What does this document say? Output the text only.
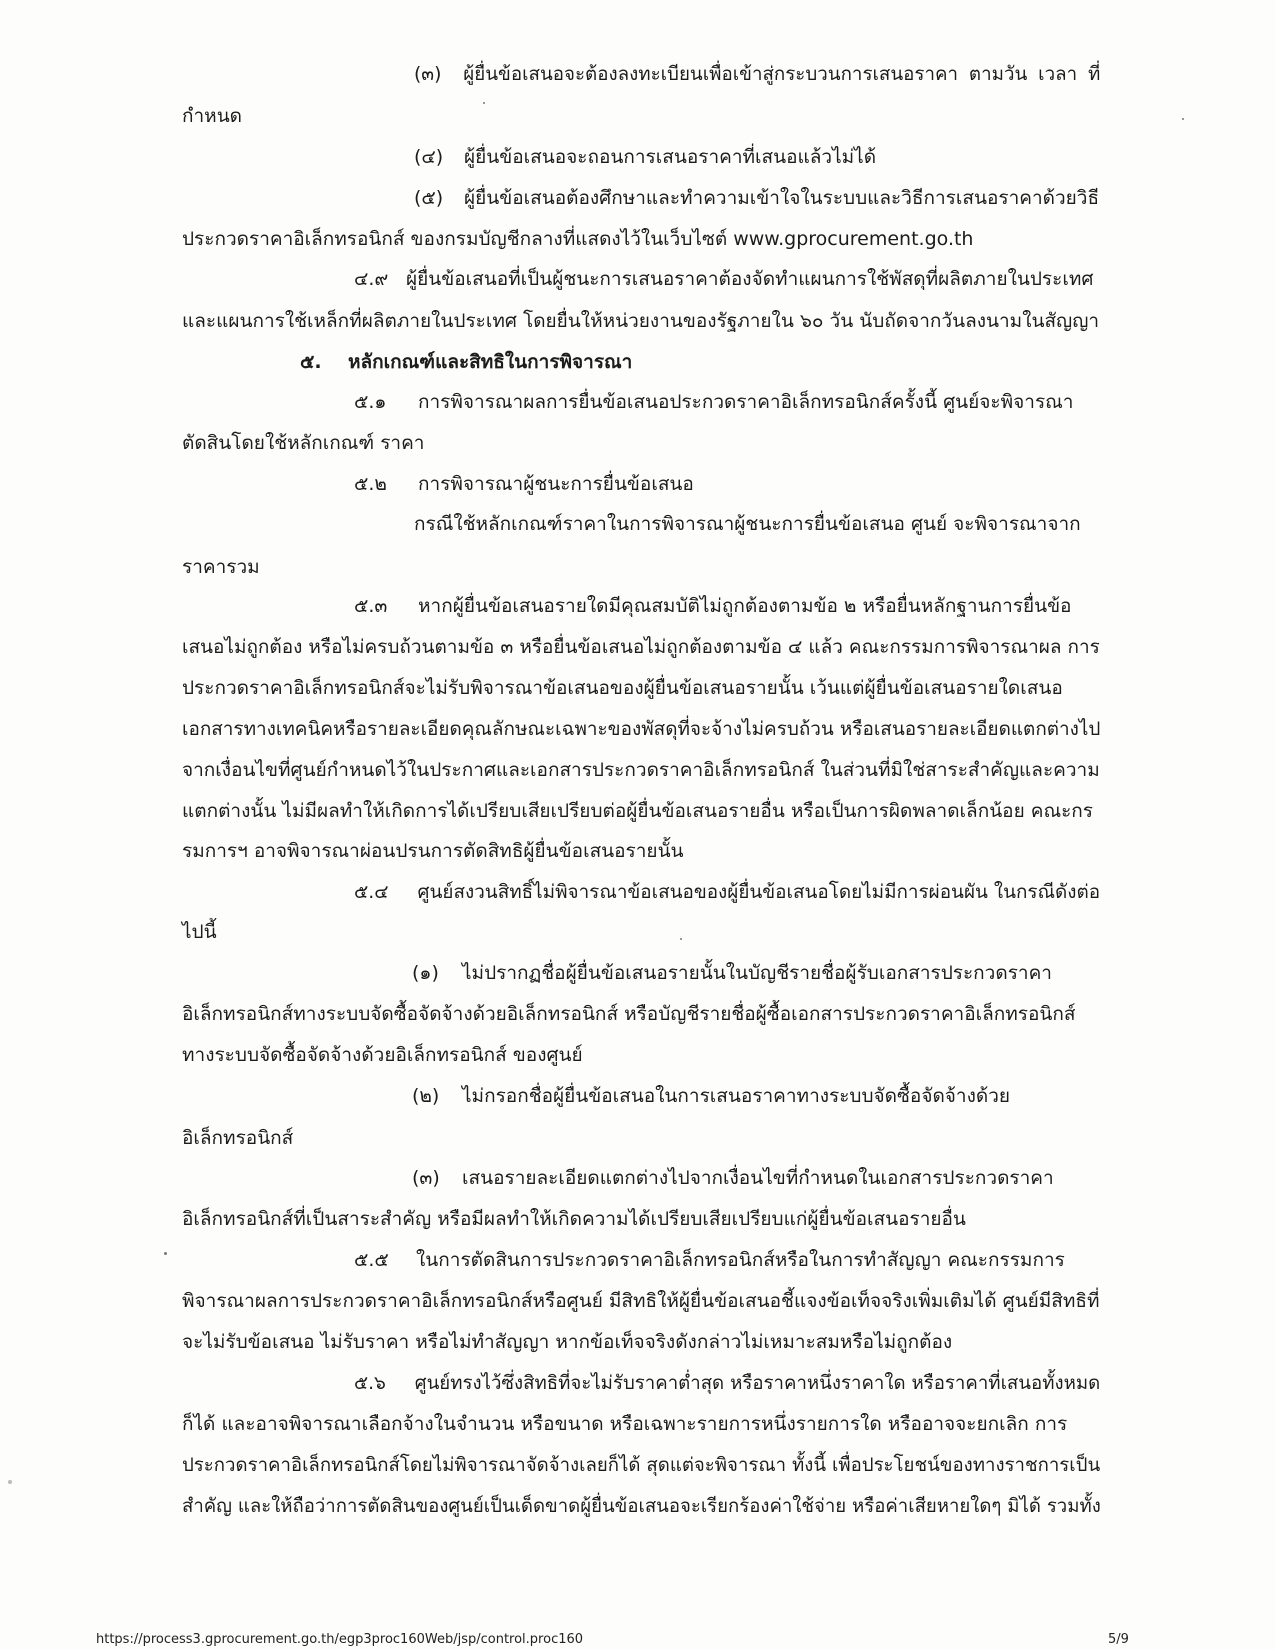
(๓) ผู้ยื่นข้อเสนอจะต้องลงทะเบียนเพื่อเข้าสู่กระบวนการเสนอราคา ตามวัน เวลา ที่
กำหนด
(๔) ผู้ยื่นข้อเสนอจะถอนการเสนอราคาที่เสนอแล้วไม่ได้
(๕) ผู้ยื่นข้อเสนอต้องศึกษาและทำความเข้าใจในระบบและวิธีการเสนอราคาด้วยวิธี
ประกวดราคาอิเล็กทรอนิกส์ ของกรมบัญชีกลางที่แสดงไว้ในเว็บไซต์ www.gprocurement.go.th
๔.๙ ผู้ยื่นข้อเสนอที่เป็นผู้ชนะการเสนอราคาต้องจัดทำแผนการใช้พัสดุที่ผลิตภายในประเทศ
และแผนการใช้เหล็กที่ผลิตภายในประเทศ โดยยื่นให้หน่วยงานของรัฐภายใน ๖๐ วัน นับถัดจากวันลงนามในสัญญา
๕. หลักเกณฑ์และสิทธิในการพิจารณา
๕.๑ การพิจารณาผลการยื่นข้อเสนอประกวดราคาอิเล็กทรอนิกส์ครั้งนี้ ศูนย์จะพิจารณา
ตัดสินโดยใช้หลักเกณฑ์ ราคา
๕.๒ การพิจารณาผู้ชนะการยื่นข้อเสนอ
กรณีใช้หลักเกณฑ์ราคาในการพิจารณาผู้ชนะการยื่นข้อเสนอ ศูนย์ จะพิจารณาจาก
ราคารวม
๕.๓ หากผู้ยื่นข้อเสนอรายใดมีคุณสมบัติไม่ถูกต้องตามข้อ ๒ หรือยื่นหลักฐานการยื่นข้อ
เสนอไม่ถูกต้อง หรือไม่ครบถ้วนตามข้อ ๓ หรือยื่นข้อเสนอไม่ถูกต้องตามข้อ ๔ แล้ว คณะกรรมการพิจารณาผล การ
ประกวดราคาอิเล็กทรอนิกส์จะไม่รับพิจารณาข้อเสนอของผู้ยื่นข้อเสนอรายนั้น เว้นแต่ผู้ยื่นข้อเสนอรายใดเสนอ
เอกสารทางเทคนิคหรือรายละเอียดคุณลักษณะเฉพาะของพัสดุที่จะจ้างไม่ครบถ้วน หรือเสนอรายละเอียดแตกต่างไป
จากเงื่อนไขที่ศูนย์กำหนดไว้ในประกาศและเอกสารประกวดราคาอิเล็กทรอนิกส์ ในส่วนที่มิใช่สาระสำคัญและความ
แตกต่างนั้น ไม่มีผลทำให้เกิดการได้เปรียบเสียเปรียบต่อผู้ยื่นข้อเสนอรายอื่น หรือเป็นการผิดพลาดเล็กน้อย คณะกร
รมการฯ อาจพิจารณาผ่อนปรนการตัดสิทธิผู้ยื่นข้อเสนอรายนั้น
๕.๔ ศูนย์สงวนสิทธิ์ไม่พิจารณาข้อเสนอของผู้ยื่นข้อเสนอโดยไม่มีการผ่อนผัน ในกรณีดังต่อ
ไปนี้
(๑) ไม่ปรากฏชื่อผู้ยื่นข้อเสนอรายนั้นในบัญชีรายชื่อผู้รับเอกสารประกวดราคา
อิเล็กทรอนิกส์ทางระบบจัดซื้อจัดจ้างด้วยอิเล็กทรอนิกส์ หรือบัญชีรายชื่อผู้ซื้อเอกสารประกวดราคาอิเล็กทรอนิกส์
ทางระบบจัดซื้อจัดจ้างด้วยอิเล็กทรอนิกส์ ของศูนย์
(๒) ไม่กรอกชื่อผู้ยื่นข้อเสนอในการเสนอราคาทางระบบจัดซื้อจัดจ้างด้วย
อิเล็กทรอนิกส์
(๓) เสนอรายละเอียดแตกต่างไปจากเงื่อนไขที่กำหนดในเอกสารประกวดราคา
อิเล็กทรอนิกส์ที่เป็นสาระสำคัญ หรือมีผลทำให้เกิดความได้เปรียบเสียเปรียบแก่ผู้ยื่นข้อเสนอรายอื่น
๕.๕ ในการตัดสินการประกวดราคาอิเล็กทรอนิกส์หรือในการทำสัญญา คณะกรรมการ
พิจารณาผลการประกวดราคาอิเล็กทรอนิกส์หรือศูนย์ มีสิทธิให้ผู้ยื่นข้อเสนอชี้แจงข้อเท็จจริงเพิ่มเติมได้ ศูนย์มีสิทธิที่
จะไม่รับข้อเสนอ ไม่รับราคา หรือไม่ทำสัญญา หากข้อเท็จจริงดังกล่าวไม่เหมาะสมหรือไม่ถูกต้อง
๕.๖ ศูนย์ทรงไว้ซึ่งสิทธิที่จะไม่รับราคาต่ำสุด หรือราคาหนึ่งราคาใด หรือราคาที่เสนอทั้งหมด
ก็ได้ และอาจพิจารณาเลือกจ้างในจำนวน หรือขนาด หรือเฉพาะรายการหนึ่งรายการใด หรืออาจจะยกเลิก การ
ประกวดราคาอิเล็กทรอนิกส์โดยไม่พิจารณาจัดจ้างเลยก็ได้ สุดแต่จะพิจารณา ทั้งนี้ เพื่อประโยชน์ของทางราชการเป็น
สำคัญ และให้ถือว่าการตัดสินของศูนย์เป็นเด็ดขาดผู้ยื่นข้อเสนอจะเรียกร้องค่าใช้จ่าย หรือค่าเสียหายใดๆ มิได้ รวมทั้ง
https://process3.gprocurement.go.th/egp3proc160Web/jsp/control.proc160	5/9
